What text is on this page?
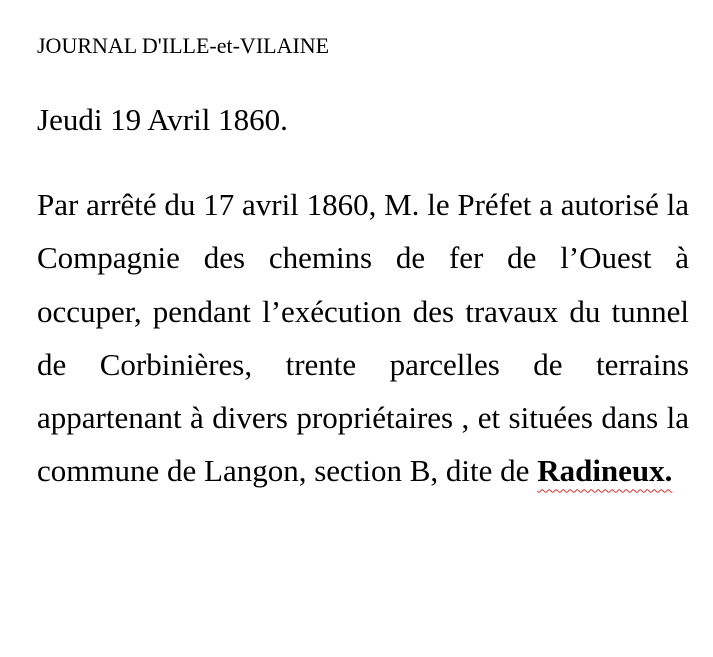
JOURNAL D'ILLE-et-VILAINE

Jeudi 19 Avril 1860.

Par arrêté du 17 avril 1860, M. le Préfet a autorisé la Compagnie des chemins de fer de l’Ouest à occuper, pendant l’exécution des travaux du tunnel de Corbinières, trente parcelles de terrains appartenant à divers propriétaires , et situées dans la commune de Langon, section B, dite de Radineux.
